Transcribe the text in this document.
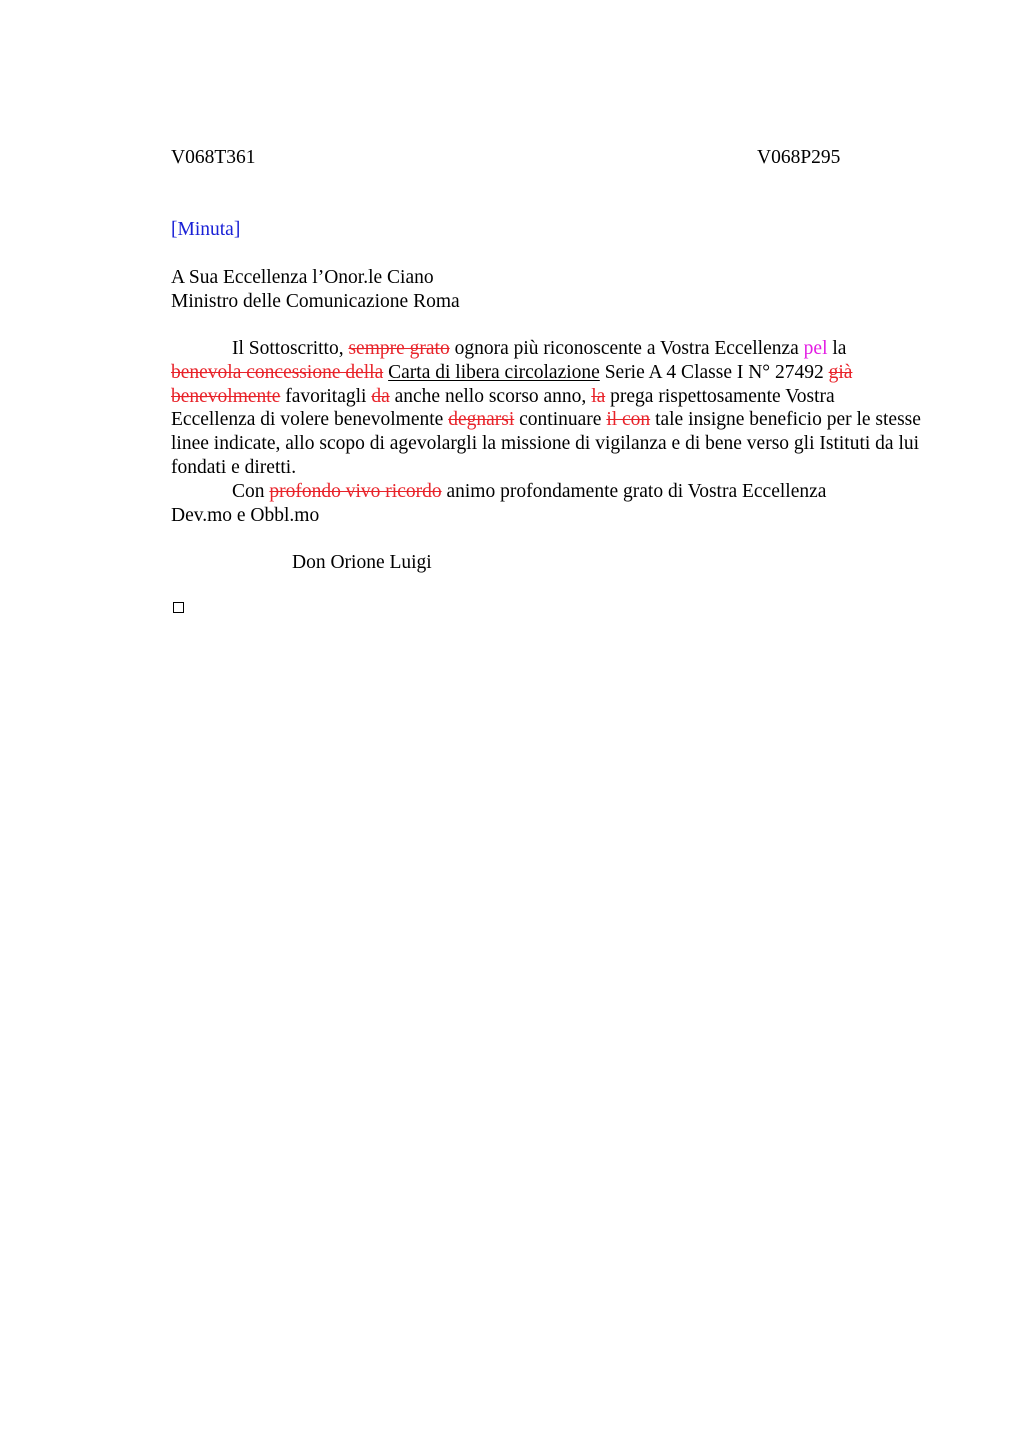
V068T361	V068P295
[Minuta]
A Sua Eccellenza l’Onor.le Ciano
Ministro delle Comunicazione Roma

Il Sottoscritto, sempre grato ognora più riconoscente a Vostra Eccellenza pel la benevola concessione della Carta di libera circolazione Serie A 4 Classe I N° 27492 già benevolmente favoritagli da anche nello scorso anno, la prega rispettosamente Vostra Eccellenza di volere benevolmente degnarsi continuare il con tale insigne beneficio per le stesse linee indicate, allo scopo di agevolargli la missione di vigilanza e di bene verso gli Istituti da lui fondati e diretti.

Con profondo vivo ricordo animo profondamente grato di Vostra Eccellenza

Dev.mo e Obbl.mo

Don Orione Luigi
